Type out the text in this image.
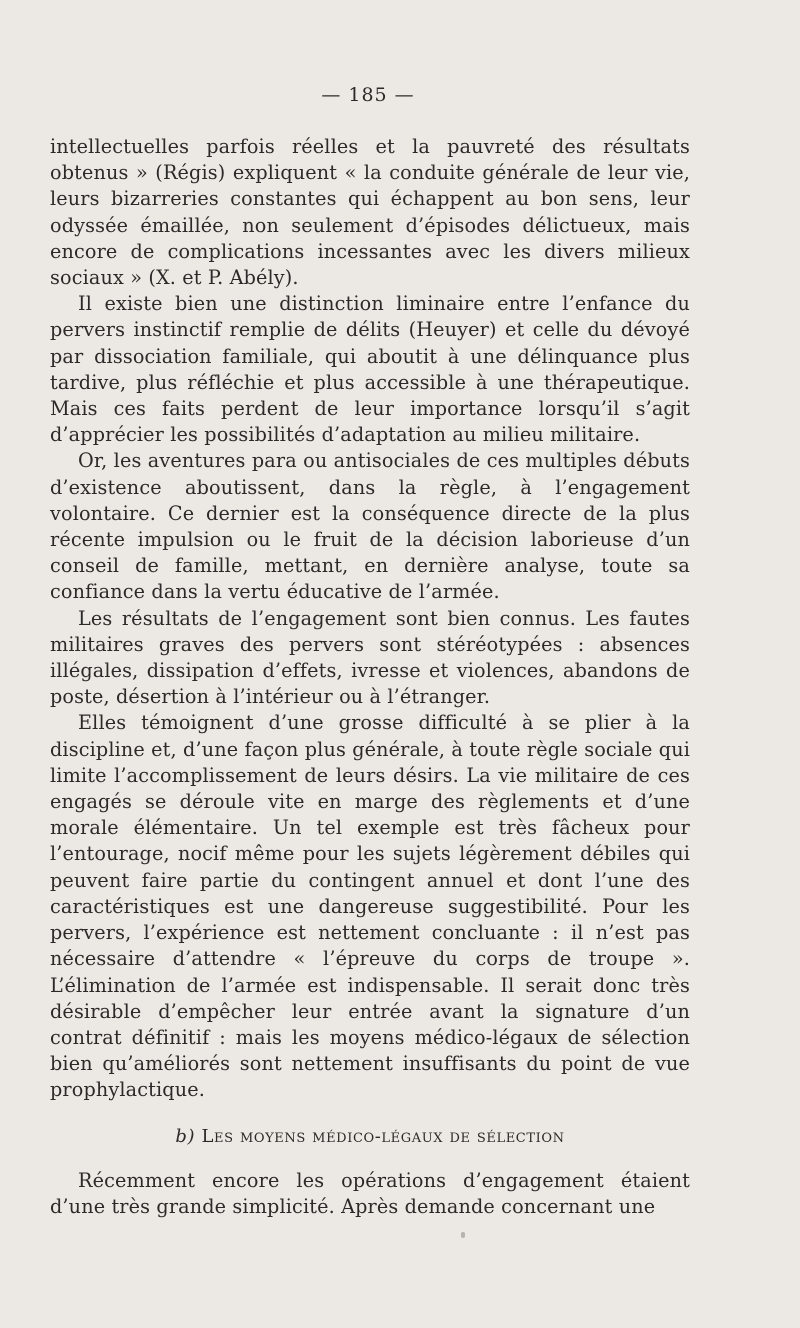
— 185 —

intellectuelles parfois réelles et la pauvreté des résultats obtenus » (Régis) expliquent « la conduite générale de leur vie, leurs bizarreries constantes qui échappent au bon sens, leur odyssée émaillée, non seulement d’épisodes délictueux, mais encore de complications incessantes avec les divers milieux sociaux » (X. et P. Abély).

Il existe bien une distinction liminaire entre l’enfance du pervers instinctif remplie de délits (Heuyer) et celle du dévoyé par dissociation familiale, qui aboutit à une délinquance plus tardive, plus réfléchie et plus accessible à une thérapeutique. Mais ces faits perdent de leur importance lorsqu’il s’agit d’apprécier les possibilités d’adaptation au milieu militaire.

Or, les aventures para ou antisociales de ces multiples débuts d’existence aboutissent, dans la règle, à l’engagement volontaire. Ce dernier est la conséquence directe de la plus récente impulsion ou le fruit de la décision laborieuse d’un conseil de famille, mettant, en dernière analyse, toute sa confiance dans la vertu éducative de l’armée.

Les résultats de l’engagement sont bien connus. Les fautes militaires graves des pervers sont stéréotypées : absences illégales, dissipation d’effets, ivresse et violences, abandons de poste, désertion à l’intérieur ou à l’étranger.

Elles témoignent d’une grosse difficulté à se plier à la discipline et, d’une façon plus générale, à toute règle sociale qui limite l’accomplissement de leurs désirs. La vie militaire de ces engagés se déroule vite en marge des règlements et d’une morale élémentaire. Un tel exemple est très fâcheux pour l’entourage, nocif même pour les sujets légèrement débiles qui peuvent faire partie du contingent annuel et dont l’une des caractéristiques est une dangereuse suggestibilité. Pour les pervers, l’expérience est nettement concluante : il n’est pas nécessaire d’attendre « l’épreuve du corps de troupe ». L’élimination de l’armée est indispensable. Il serait donc très désirable d’empêcher leur entrée avant la signature d’un contrat définitif : mais les moyens médico-légaux de sélection bien qu’améliorés sont nettement insuffisants du point de vue prophylactique.

b) Les moyens médico-légaux de sélection

Récemment encore les opérations d’engagement étaient d’une très grande simplicité. Après demande concernant une
